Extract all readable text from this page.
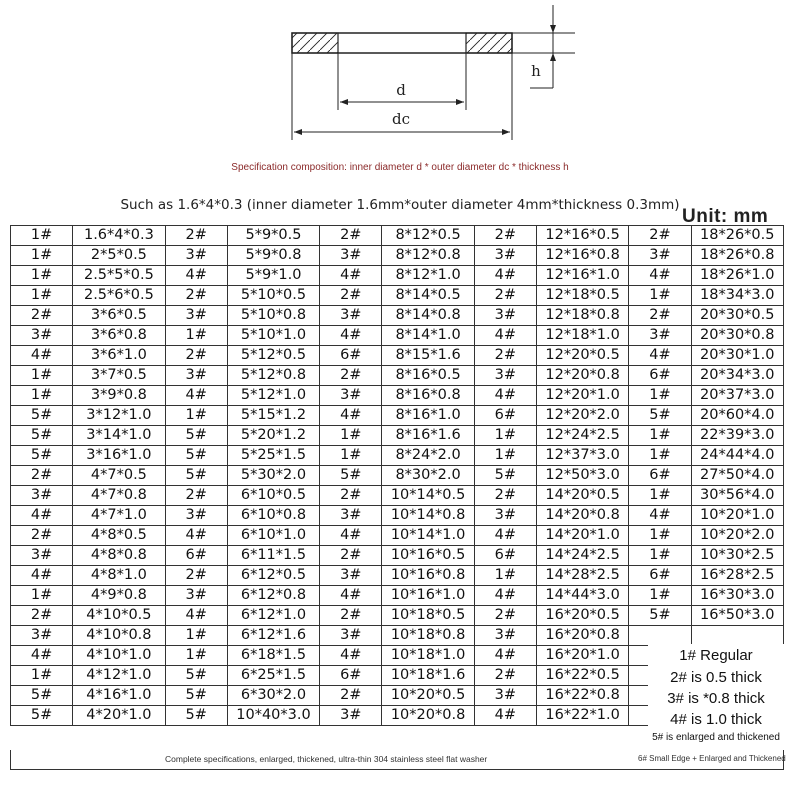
d
dc
h
Specification composition: inner diameter d * outer diameter dc * thickness h
Such as 1.6*4*0.3 (inner diameter 1.6mm*outer diameter 4mm*thickness 0.3mm)
Unit: mm
1#	1.6*4*0.3	2#	5*9*0.5	2#	8*12*0.5	2#	12*16*0.5	2#	18*26*0.5
1#	2*5*0.5	3#	5*9*0.8	3#	8*12*0.8	3#	12*16*0.8	3#	18*26*0.8
1#	2.5*5*0.5	4#	5*9*1.0	4#	8*12*1.0	4#	12*16*1.0	4#	18*26*1.0
1#	2.5*6*0.5	2#	5*10*0.5	2#	8*14*0.5	2#	12*18*0.5	1#	18*34*3.0
2#	3*6*0.5	3#	5*10*0.8	3#	8*14*0.8	3#	12*18*0.8	2#	20*30*0.5
3#	3*6*0.8	1#	5*10*1.0	4#	8*14*1.0	4#	12*18*1.0	3#	20*30*0.8
4#	3*6*1.0	2#	5*12*0.5	6#	8*15*1.6	2#	12*20*0.5	4#	20*30*1.0
1#	3*7*0.5	3#	5*12*0.8	2#	8*16*0.5	3#	12*20*0.8	6#	20*34*3.0
1#	3*9*0.8	4#	5*12*1.0	3#	8*16*0.8	4#	12*20*1.0	1#	20*37*3.0
5#	3*12*1.0	1#	5*15*1.2	4#	8*16*1.0	6#	12*20*2.0	5#	20*60*4.0
5#	3*14*1.0	5#	5*20*1.2	1#	8*16*1.6	1#	12*24*2.5	1#	22*39*3.0
5#	3*16*1.0	5#	5*25*1.5	1#	8*24*2.0	1#	12*37*3.0	1#	24*44*4.0
2#	4*7*0.5	5#	5*30*2.0	5#	8*30*2.0	5#	12*50*3.0	6#	27*50*4.0
3#	4*7*0.8	2#	6*10*0.5	2#	10*14*0.5	2#	14*20*0.5	1#	30*56*4.0
4#	4*7*1.0	3#	6*10*0.8	3#	10*14*0.8	3#	14*20*0.8	4#	10*20*1.0
2#	4*8*0.5	4#	6*10*1.0	4#	10*14*1.0	4#	14*20*1.0	1#	10*20*2.0
3#	4*8*0.8	6#	6*11*1.5	2#	10*16*0.5	6#	14*24*2.5	1#	10*30*2.5
4#	4*8*1.0	2#	6*12*0.5	3#	10*16*0.8	1#	14*28*2.5	6#	16*28*2.5
1#	4*9*0.8	3#	6*12*0.8	4#	10*16*1.0	4#	14*44*3.0	1#	16*30*3.0
2#	4*10*0.5	4#	6*12*1.0	2#	10*18*0.5	2#	16*20*0.5	5#	16*50*3.0
3#	4*10*0.8	1#	6*12*1.6	3#	10*18*0.8	3#	16*20*0.8		
4#	4*10*1.0	1#	6*18*1.5	4#	10*18*1.0	4#	16*20*1.0		
1#	4*12*1.0	5#	6*25*1.5	6#	10*18*1.6	2#	16*22*0.5		
5#	4*16*1.0	5#	6*30*2.0	2#	10*20*0.5	3#	16*22*0.8		
5#	4*20*1.0	5#	10*40*3.0	3#	10*20*0.8	4#	16*22*1.0		
Complete specifications, enlarged, thickened, ultra-thin 304 stainless steel flat washer	6# Small Edge + Enlarged and Thickened
1# Regular
2# is 0.5 thick
3# is *0.8 thick
4# is 1.0 thick
5# is enlarged and thickened
